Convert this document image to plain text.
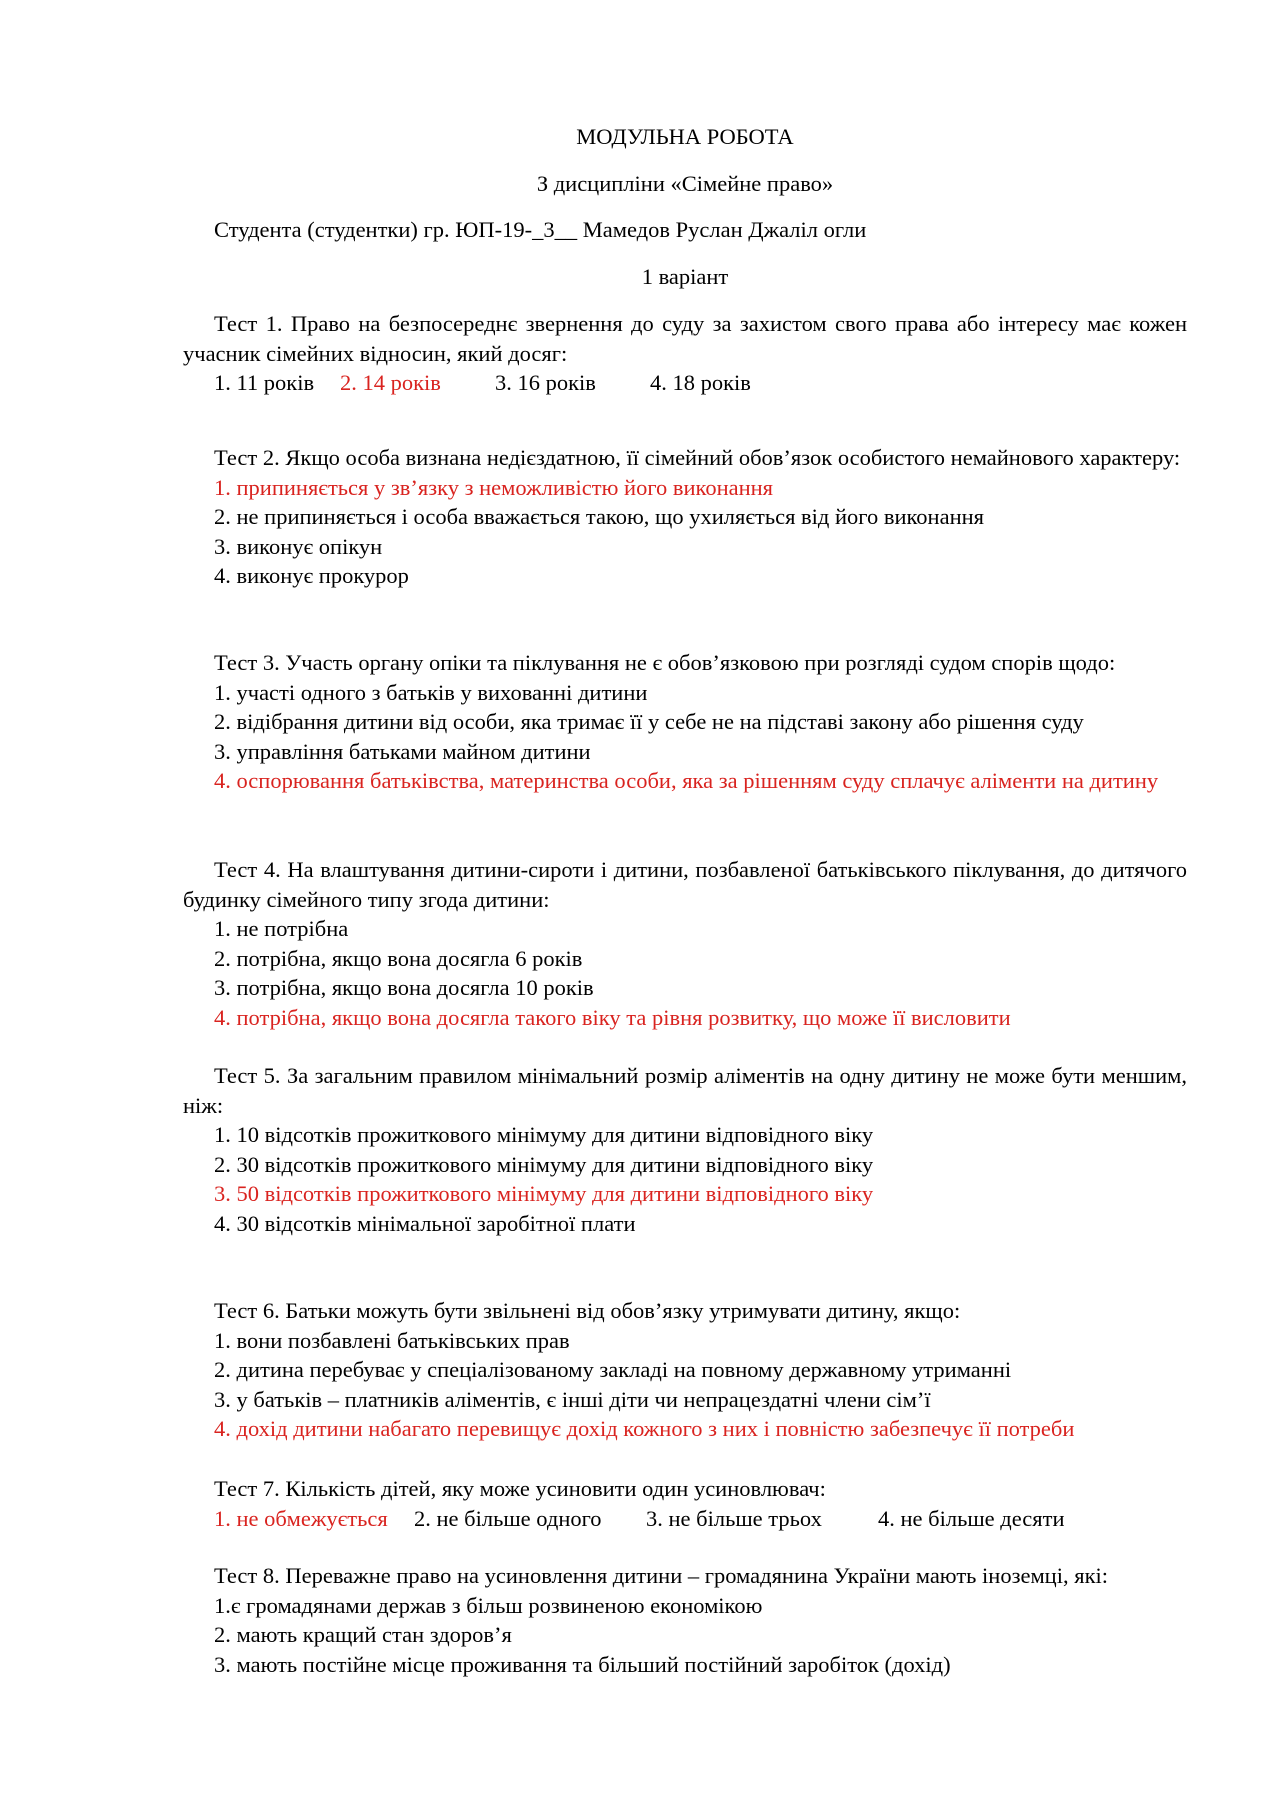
МОДУЛЬНА РОБОТА
З дисципліни «Сімейне право»
Студента (студентки) гр. ЮП-19-_3__ Мамедов Руслан Джаліл огли
1 варіант
Тест 1. Право на безпосереднє звернення до суду за захистом свого права або інтересу має кожен учасник сімейних відносин, який досяг:
1. 11 років 2. 14 років 3. 16 років 4. 18 років
Тест 2. Якщо особа визнана недієздатною, її сімейний обов’язок особистого немайнового характеру:
1. припиняється у зв’язку з неможливістю його виконання
2. не припиняється і особа вважається такою, що ухиляється від його виконання
3. виконує опікун
4. виконує прокурор
Тест 3. Участь органу опіки та піклування не є обов’язковою при розгляді судом спорів щодо:
1. участі одного з батьків у вихованні дитини
2. відібрання дитини від особи, яка тримає її у себе не на підставі закону або рішення суду
3. управління батьками майном дитини
4. оспорювання батьківства, материнства особи, яка за рішенням суду сплачує аліменти на дитину
Тест 4. На влаштування дитини-сироти і дитини, позбавленої батьківського піклування, до дитячого будинку сімейного типу згода дитини:
1. не потрібна
2. потрібна, якщо вона досягла 6 років
3. потрібна, якщо вона досягла 10 років
4. потрібна, якщо вона досягла такого віку та рівня розвитку, що може її висловити
Тест 5. За загальним правилом мінімальний розмір аліментів на одну дитину не може бути меншим, ніж:
1. 10 відсотків прожиткового мінімуму для дитини відповідного віку
2. 30 відсотків прожиткового мінімуму для дитини відповідного віку
3. 50 відсотків прожиткового мінімуму для дитини відповідного віку
4. 30 відсотків мінімальної заробітної плати
Тест 6. Батьки можуть бути звільнені від обов’язку утримувати дитину, якщо:
1. вони позбавлені батьківських прав
2. дитина перебуває у спеціалізованому закладі на повному державному утриманні
3. у батьків – платників аліментів, є інші діти чи непрацездатні члени сім’ї
4. дохід дитини набагато перевищує дохід кожного з них і повністю забезпечує її потреби
Тест 7. Кількість дітей, яку може усиновити один усиновлювач:
1. не обмежується 2. не більше одного 3. не більше трьох 4. не більше десяти
Тест 8. Переважне право на усиновлення дитини – громадянина України мають іноземці, які:
1.є громадянами держав з більш розвиненою економікою
2. мають кращий стан здоров’я
3. мають постійне місце проживання та більший постійний заробіток (дохід)
